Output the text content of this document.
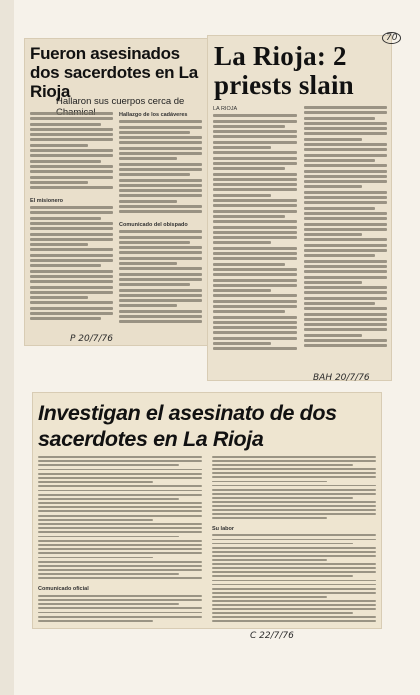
Fueron asesinados dos sacerdotes en La Rioja
Hallaron sus cuerpos cerca de
El misionero
Hallazgo de los cadáveres
Comunicado del obispado
La Rioja: 2 priests slain
LA RIOJA
Investigan el asesinato de dos sacerdotes en La Rioja
Comunicado oficial
Su labor
P 20/7/76
BAH 20/7/76
C 22/7/76
70
